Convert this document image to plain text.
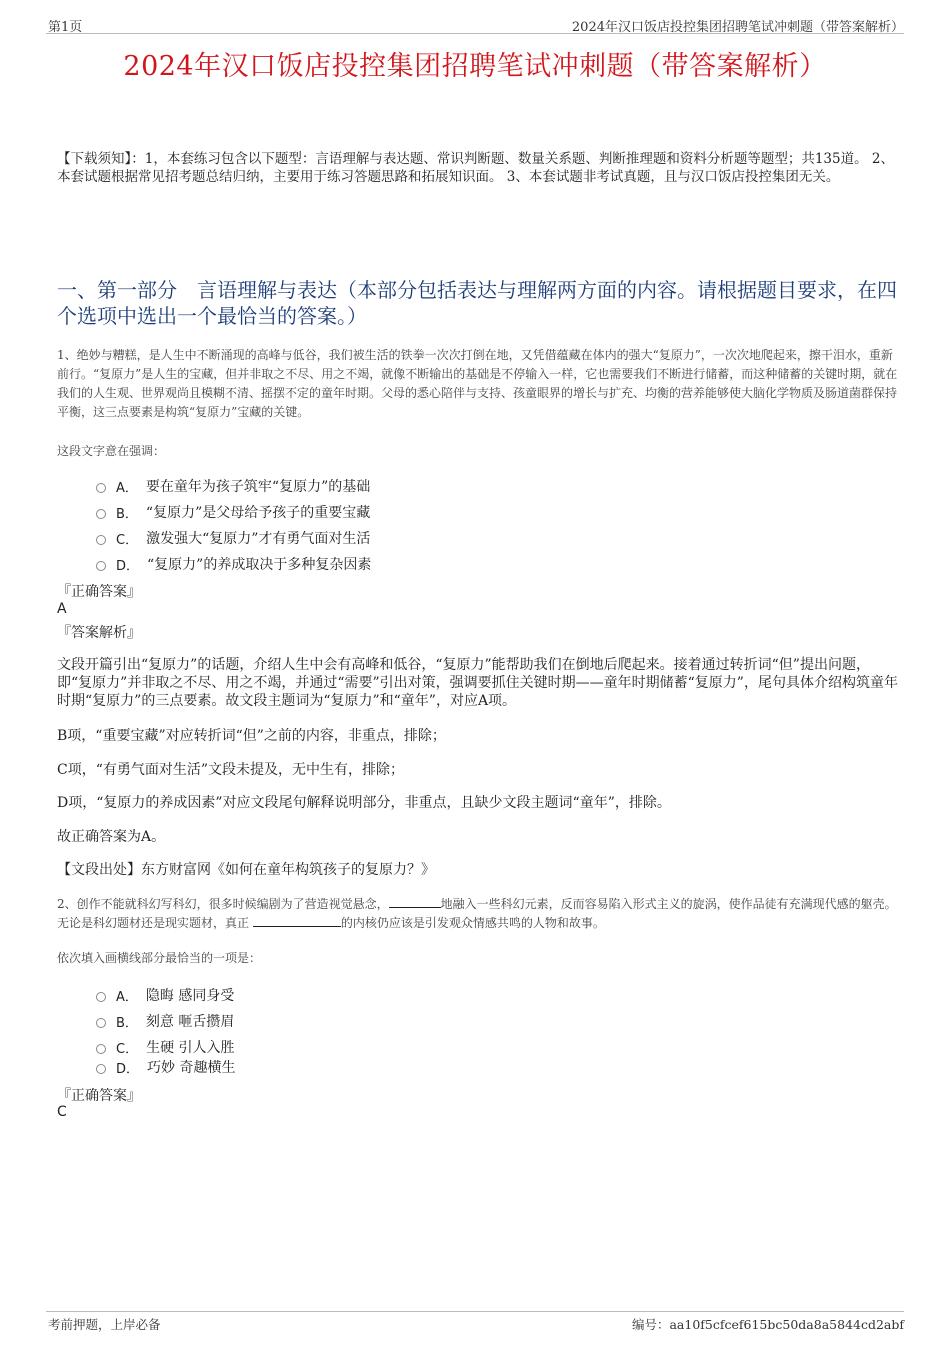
第1页	2024年汉口饭店投控集团招聘笔试冲刺题（带答案解析）
2024年汉口饭店投控集团招聘笔试冲刺题（带答案解析）
【下载须知】：1，本套练习包含以下题型：言语理解与表达题、常识判断题、数量关系题、判断推理题和资料分析题等题型；共135道。 2、本套试题根据常见招考题总结归纳，主要用于练习答题思路和拓展知识面。 3、本套试题非考试真题，且与汉口饭店投控集团无关。
一、第一部分　言语理解与表达（本部分包括表达与理解两方面的内容。请根据题目要求，在四个选项中选出一个最恰当的答案。）
1、绝妙与糟糕，是人生中不断涌现的高峰与低谷，我们被生活的铁拳一次次打倒在地，又凭借蕴藏在体内的强大“复原力”，一次次地爬起来，擦干泪水，重新前行。“复原力”是人生的宝藏，但并非取之不尽、用之不竭，就像不断输出的基础是不停输入一样，它也需要我们不断进行储蓄，而这种储蓄的关键时期，就在我们的人生观、世界观尚且模糊不清、摇摆不定的童年时期。父母的悉心陪伴与支持、孩童眼界的增长与扩充、均衡的营养能够使大脑化学物质及肠道菌群保持平衡，这三点要素是构筑“复原力”宝藏的关键。
这段文字意在强调：
A． 要在童年为孩子筑牢“复原力”的基础
B． “复原力”是父母给予孩子的重要宝藏
C． 激发强大“复原力”才有勇气面对生活
D． “复原力”的养成取决于多种复杂因素
『正确答案』
A
『答案解析』
文段开篇引出“复原力”的话题，介绍人生中会有高峰和低谷，“复原力”能帮助我们在倒地后爬起来。接着通过转折词“但”提出问题，即“复原力”并非取之不尽、用之不竭，并通过“需要”引出对策，强调要抓住关键时期——童年时期储蓄“复原力”，尾句具体介绍构筑童年时期“复原力”的三点要素。故文段主题词为“复原力”和“童年”，对应A项。
B项，“重要宝藏”对应转折词“但”之前的内容，非重点，排除；
C项，“有勇气面对生活”文段未提及，无中生有，排除；
D项，“复原力的养成因素”对应文段尾句解释说明部分，非重点，且缺少文段主题词“童年”，排除。
故正确答案为A。
【文段出处】东方财富网《如何在童年构筑孩子的复原力？》
2、创作不能就科幻写科幻，很多时候编剧为了营造视觉悬念，	地融入一些科幻元素，反而容易陷入形式主义的旋涡，使作品徒有充满现代感的躯壳。无论是科幻题材还是现实题材，真正	的内核仍应该是引发观众情感共鸣的人物和故事。
依次填入画横线部分最恰当的一项是：
A． 隐晦 感同身受
B． 刻意 咂舌攒眉
C． 生硬 引人入胜
D． 巧妙 奇趣横生
『正确答案』
C
考前押题，上岸必备	编号：aa10f5cfcef615bc50da8a5844cd2abf
